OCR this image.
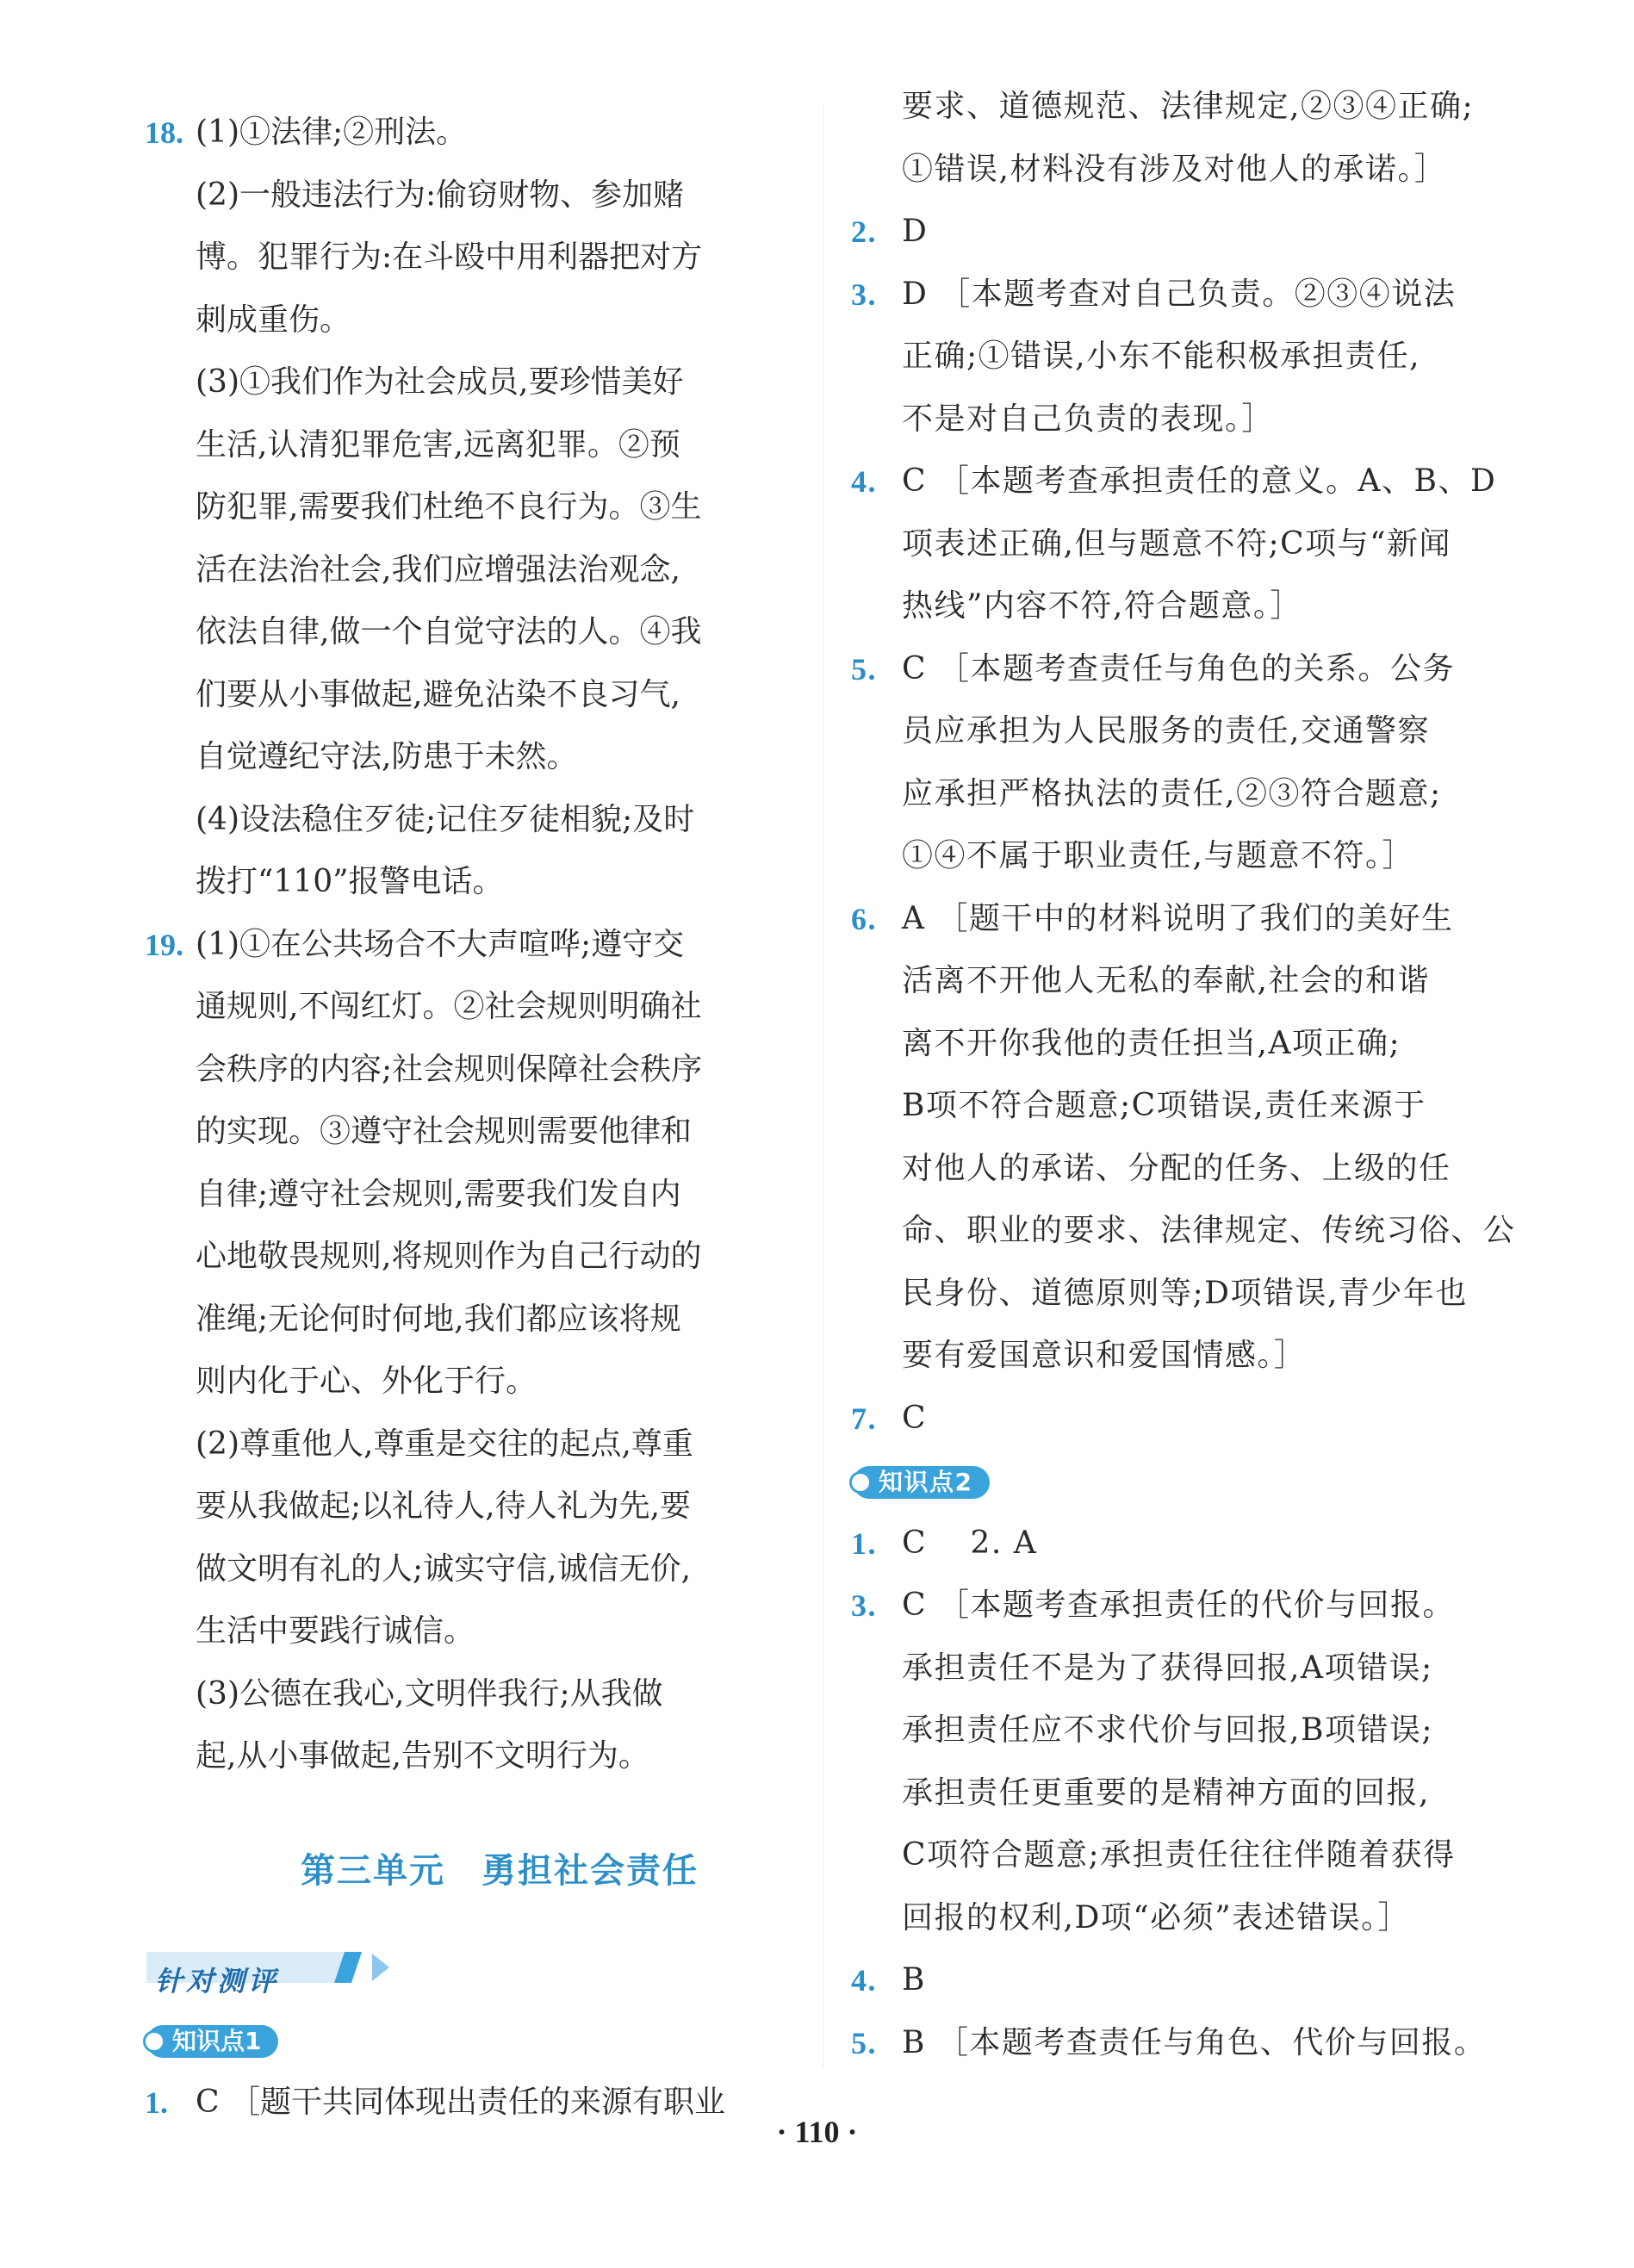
18. (1)①法律;②刑法。
(2)一般违法行为:偷窃财物、参加赌
博。犯罪行为:在斗殴中用利器把对方
刺成重伤。
(3)①我们作为社会成员,要珍惜美好
生活,认清犯罪危害,远离犯罪。②预
防犯罪,需要我们杜绝不良行为。③生
活在法治社会,我们应增强法治观念,
依法自律,做一个自觉守法的人。④我
们要从小事做起,避免沾染不良习气,
自觉遵纪守法,防患于未然。
(4)设法稳住歹徒;记住歹徒相貌;及时
拨打“110”报警电话。
19. (1)①在公共场合不大声喧哗;遵守交
通规则,不闯红灯。②社会规则明确社
会秩序的内容;社会规则保障社会秩序
的实现。③遵守社会规则需要他律和
自律;遵守社会规则,需要我们发自内
心地敬畏规则,将规则作为自己行动的
准绳;无论何时何地,我们都应该将规
则内化于心、外化于行。
(2)尊重他人,尊重是交往的起点,尊重
要从我做起;以礼待人,待人礼为先,要
做文明有礼的人;诚实守信,诚信无价,
生活中要践行诚信。
(3)公德在我心,文明伴我行;从我做
起,从小事做起,告别不文明行为。
第三单元　勇担社会责任
针对测评
知识点1
1. C ［题干共同体现出责任的来源有职业
要求、道德规范、法律规定,②③④正确;
①错误,材料没有涉及对他人的承诺。］
2. D
3. D ［本题考查对自己负责。②③④说法
正确;①错误,小东不能积极承担责任,
不是对自己负责的表现。］
4. C ［本题考查承担责任的意义。A、B、D
项表述正确,但与题意不符;C项与“新闻
热线”内容不符,符合题意。］
5. C ［本题考查责任与角色的关系。公务
员应承担为人民服务的责任,交通警察
应承担严格执法的责任,②③符合题意;
①④不属于职业责任,与题意不符。］
6. A ［题干中的材料说明了我们的美好生
活离不开他人无私的奉献,社会的和谐
离不开你我他的责任担当,A项正确;
B项不符合题意;C项错误,责任来源于
对他人的承诺、分配的任务、上级的任
命、职业的要求、法律规定、传统习俗、公
民身份、道德原则等;D项错误,青少年也
要有爱国意识和爱国情感。］
7. C
知识点2
1. C　 2. A
3. C ［本题考查承担责任的代价与回报。
承担责任不是为了获得回报,A项错误;
承担责任应不求代价与回报,B项错误;
承担责任更重要的是精神方面的回报,
C项符合题意;承担责任往往伴随着获得
回报的权利,D项“必须”表述错误。］
4. B
5. B ［本题考查责任与角色、代价与回报。
· 110 ·
